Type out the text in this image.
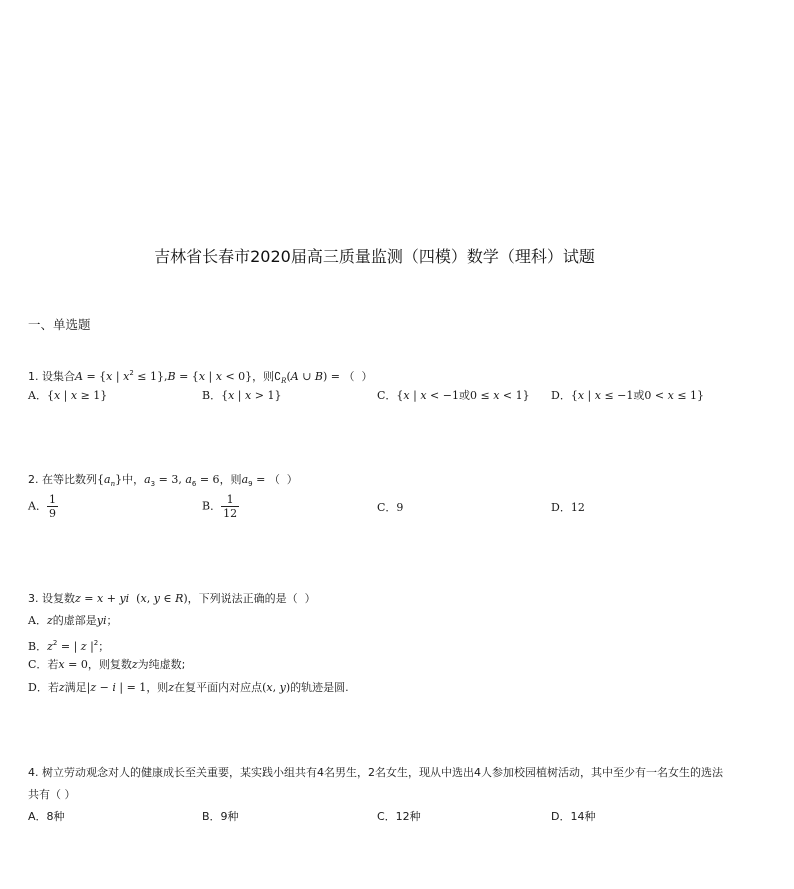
吉林省长春市2020届高三质量监测（四模）数学（理科）试题
一、单选题
1. 设集合A = {x | $x^2 \le 1\},B = \{x$ | x < 0}，则$∁_R(A$ ∪ B) = （  ）
A．{x | x ≥ 1}	B．{x | x > 1}	C．{x | x < −1或0 ≤ x < 1} D．{x | x ≤ −1或0 < x ≤ 1}
2. 在等比数列$\{a_n\}$中，$a_3 = 3$, $a_6 = 6$，则$a_9$ = （  ）
A． $\frac{1}{9}$	B． $\frac{1}{12}$	C．9	D．12
3. 设复数z = x + yi  (x, y ∈ R)，下列说法正确的是（  ）
A．z的虚部是yi；
B．$z^2$ = | z $|^2$；
C．若x = 0，则复数z为纯虚数;
D．若z满足|z − i | = 1，则z在复平面内对应点(x, y)的轨迹是圆.
4. 树立劳动观念对人的健康成长至关重要，某实践小组共有4名男生，2名女生，现从中选出4人参加校园植树活动，其中至少有一名女生的选法
共有（ ）
A．8种	B．9种	C．12种	D．14种
